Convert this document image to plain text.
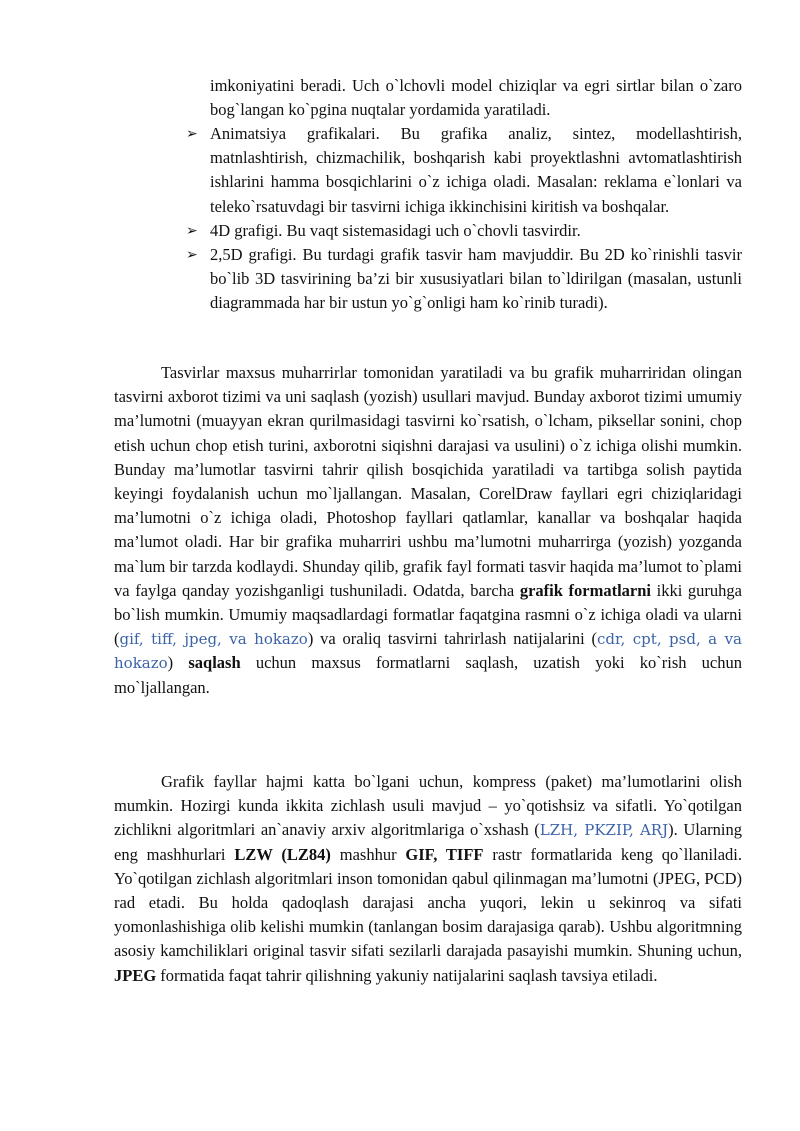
imkoniyatini beradi. Uch o`lchovli model chiziqlar va egri sirtlar bilan o`zaro bog`langan ko`pgina nuqtalar yordamida yaratiladi.
➢ Animatsiya grafikalari. Bu grafika analiz, sintez, modellashtirish, matnlashtirish, chizmachilik, boshqarish kabi proyektlashni avtomatlashtirish ishlarini hamma bosqichlarini o`z ichiga oladi. Masalan: reklama e`lonlari va teleko`rsatuvdagi bir tasvirni ichiga ikkinchisini kiritish va boshqalar.
➢ 4D grafigi. Bu vaqt sistemasidagi uch o`chovli tasvirdir.
➢ 2,5D grafigi. Bu turdagi grafik tasvir ham mavjuddir. Bu 2D ko`rinishli tasvir bo`lib 3D tasvirining ba’zi bir xususiyatlari bilan to`ldirilgan (masalan, ustunli diagrammada har bir ustun yo`g`onligi ham ko`rinib turadi).

Tasvirlar maxsus muharrirlar tomonidan yaratiladi va bu grafik muharriridan olingan tasvirni axborot tizimi va uni saqlash (yozish) usullari mavjud. Bunday axborot tizimi umumiy ma’lumotni (muayyan ekran qurilmasidagi tasvirni ko`rsatish, o`lcham, piksellar sonini, chop etish uchun chop etish turini, axborotni siqishni darajasi va usulini) o`z ichiga olishi mumkin. Bunday ma’lumotlar tasvirni tahrir qilish bosqichida yaratiladi va tartibga solish paytida keyingi foydalanish uchun mo`ljallangan. Masalan, CorelDraw fayllari egri chiziqlaridagi ma’lumotni o`z ichiga oladi, Photoshop fayllari qatlamlar, kanallar va boshqalar haqida ma’lumot oladi. Har bir grafika muharriri ushbu ma’lumotni muharrirga (yozish) yozganda ma`lum bir tarzda kodlaydi. Shunday qilib, grafik fayl formati tasvir haqida ma’lumot to`plami va faylga qanday yozishganligi tushuniladi. Odatda, barcha grafik formatlarni ikki guruhga bo`lish mumkin. Umumiy maqsadlardagi formatlar faqatgina rasmni o`z ichiga oladi va ularni (gif, tiff, jpeg, va hokazo) va oraliq tasvirni tahrirlash natijalarini (cdr, cpt, psd, a va hokazo) saqlash uchun maxsus formatlarni saqlash, uzatish yoki ko`rish uchun mo`ljallangan.

Grafik fayllar hajmi katta bo`lgani uchun, kompress (paket) ma’lumotlarini olish mumkin. Hozirgi kunda ikkita zichlash usuli mavjud – yo`qotishsiz va sifatli. Yo`qotilgan zichlikni algoritmlari an`anaviy arxiv algoritmlariga o`xshash (LZH, PKZIP, ARJ). Ularning eng mashhurlari LZW (LZ84) mashhur GIF, TIFF rastr formatlarida keng qo`llaniladi. Yo`qotilgan zichlash algoritmlari inson tomonidan qabul qilinmagan ma’lumotni (JPEG, PCD) rad etadi. Bu holda qadoqlash darajasi ancha yuqori, lekin u sekinroq va sifati yomonlashishiga olib kelishi mumkin (tanlangan bosim darajasiga qarab). Ushbu algoritmning asosiy kamchiliklari original tasvir sifati sezilarli darajada pasayishi mumkin. Shuning uchun, JPEG formatida faqat tahrir qilishning yakuniy natijalarini saqlash tavsiya etiladi.
